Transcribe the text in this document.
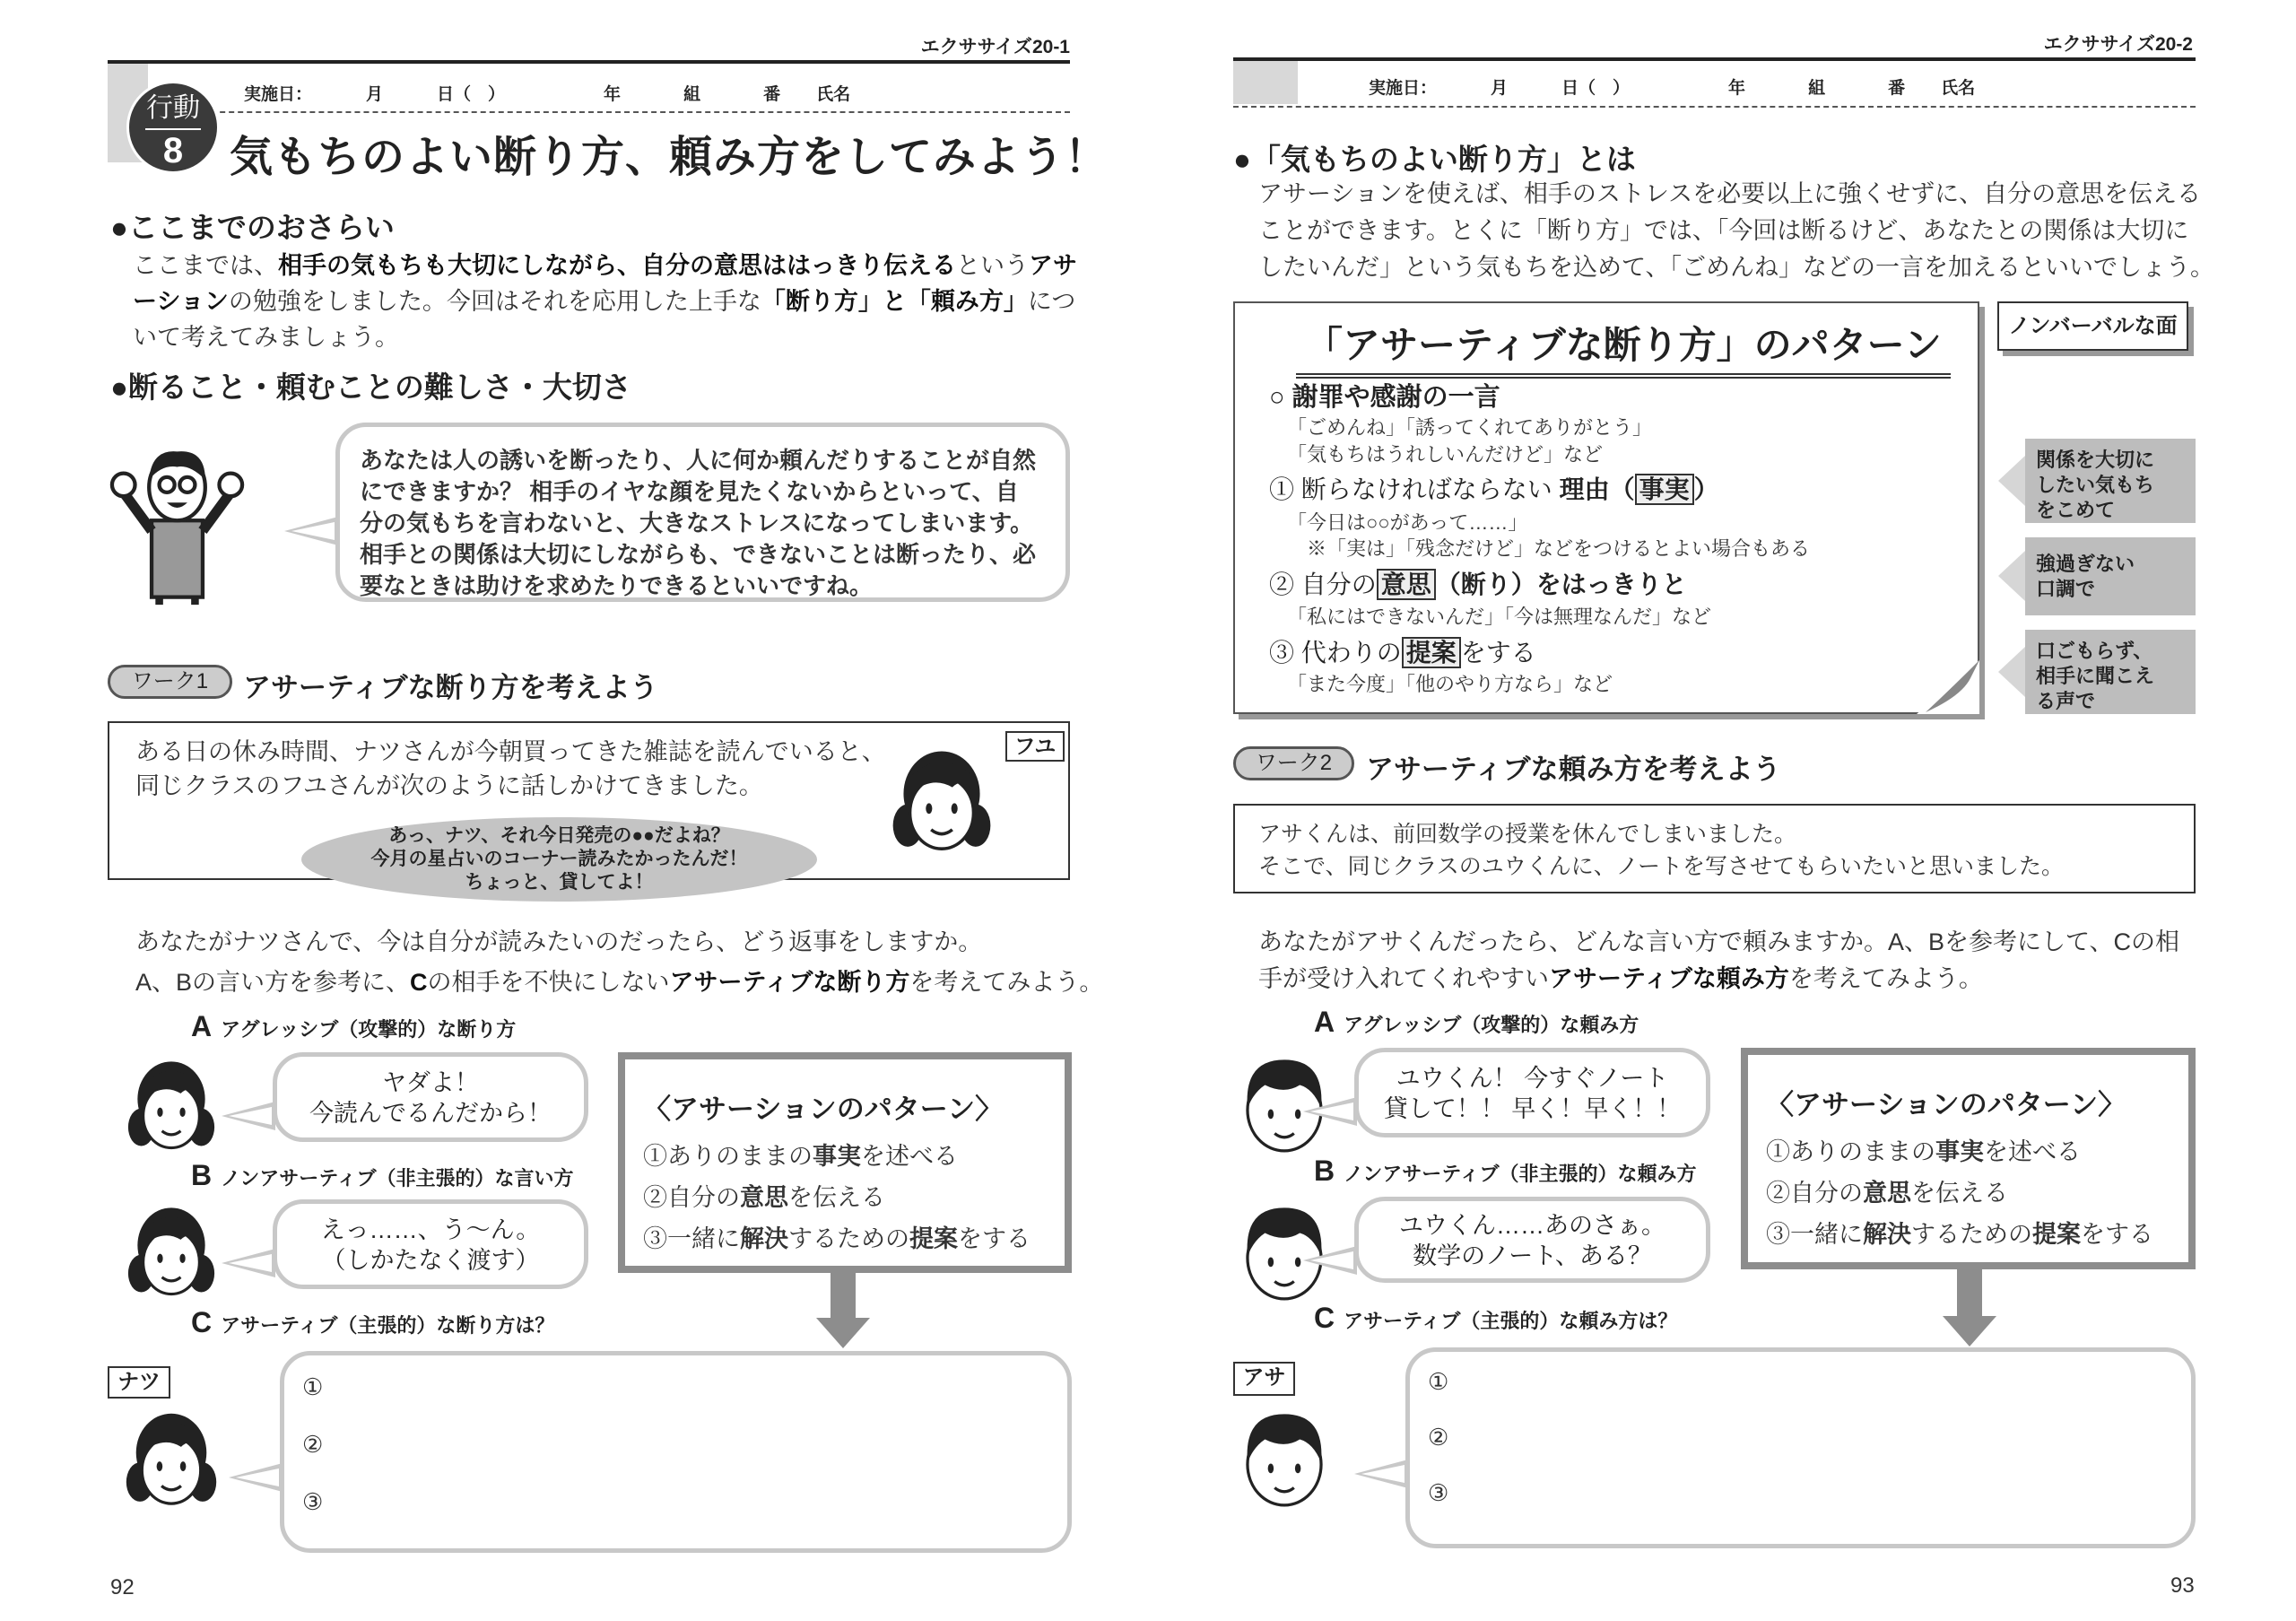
エクササイズ20-1
実施日：	月	日（　）	年	組	番 氏名
行動
8	気もちのよい断り方、頼み方をしてみよう！
●ここまでのおさらい
ここまでは、相手の気もちも大切にしながら、自分の意思ははっきり伝えるというアサ
ーションの勉強をしました。今回はそれを応用した上手な「断り方」と「頼み方」につ
いて考えてみましょう。
●断ること・頼むことの難しさ・大切さ
あなたは人の誘いを断ったり、人に何か頼んだりすることが自然
にできますか？ 相手のイヤな顔を見たくないからといって、自
分の気もちを言わないと、大きなストレスになってしまいます。
相手との関係は大切にしながらも、できないことは断ったり、必
要なときは助けを求めたりできるといいですね。
ワーク1	アサーティブな断り方を考えよう
ある日の休み時間、ナツさんが今朝買ってきた雑誌を読んでいると、
同じクラスのフユさんが次のように話しかけてきました。
フユ
あっ、ナツ、それ今日発売の●●だよね？
今月の星占いのコーナー読みたかったんだ！
ちょっと、貸してよ！
あなたがナツさんで、今は自分が読みたいのだったら、どう返事をしますか。
A、Bの言い方を参考に、Cの相手を不快にしないアサーティブな断り方を考えてみよう。
A アグレッシブ（攻撃的）な断り方
ヤダよ！
今読んでるんだから！
B ノンアサーティブ（非主張的）な言い方
えっ……、う〜ん。
（しかたなく渡す）
C アサーティブ（主張的）な断り方は？
〈アサーションのパターン〉
①ありのままの事実を述べる
②自分の意思を伝える
③一緒に解決するための提案をする
ナツ	①
②
③
92
エクササイズ20-2
実施日：	月	日（　）	年	組	番 氏名
●「気もちのよい断り方」とは
アサーションを使えば、相手のストレスを必要以上に強くせずに、自分の意思を伝える
ことができます。とくに「断り方」では、「今回は断るけど、あなたとの関係は大切に
したいんだ」という気もちを込めて、「ごめんね」などの一言を加えるといいでしょう。
「アサーティブな断り方」のパターン
○ 謝罪や感謝の一言
「ごめんね」「誘ってくれてありがとう」
「気もちはうれしいんだけど」など
① 断らなければならない 理由（ 事実 ）
「今日は○○があって……」
※「実は」「残念だけど」などをつけるとよい場合もある
② 自分の 意思 （断り）をはっきりと
「私にはできないんだ」「今は無理なんだ」など
③ 代わりの 提案 をする
「また今度」「他のやり方なら」など
ノンバーバルな面
関係を大切に
したい気もち
をこめて
強過ぎない
口調で
口ごもらず、
相手に聞こえ
る声で
ワーク2	アサーティブな頼み方を考えよう
アサくんは、前回数学の授業を休んでしまいました。
そこで、同じクラスのユウくんに、ノートを写させてもらいたいと思いました。
あなたがアサくんだったら、どんな言い方で頼みますか。A、Bを参考にして、Cの相
手が受け入れてくれやすいアサーティブな頼み方を考えてみよう。
A アグレッシブ（攻撃的）な頼み方
ユウくん！ 今すぐノート
貸して！！ 早く！早く！！
B ノンアサーティブ（非主張的）な頼み方
ユウくん……あのさぁ。
数学のノート、ある？
C アサーティブ（主張的）な頼み方は？
〈アサーションのパターン〉
①ありのままの事実を述べる
②自分の意思を伝える
③一緒に解決するための提案をする
アサ	①
②
③
93
